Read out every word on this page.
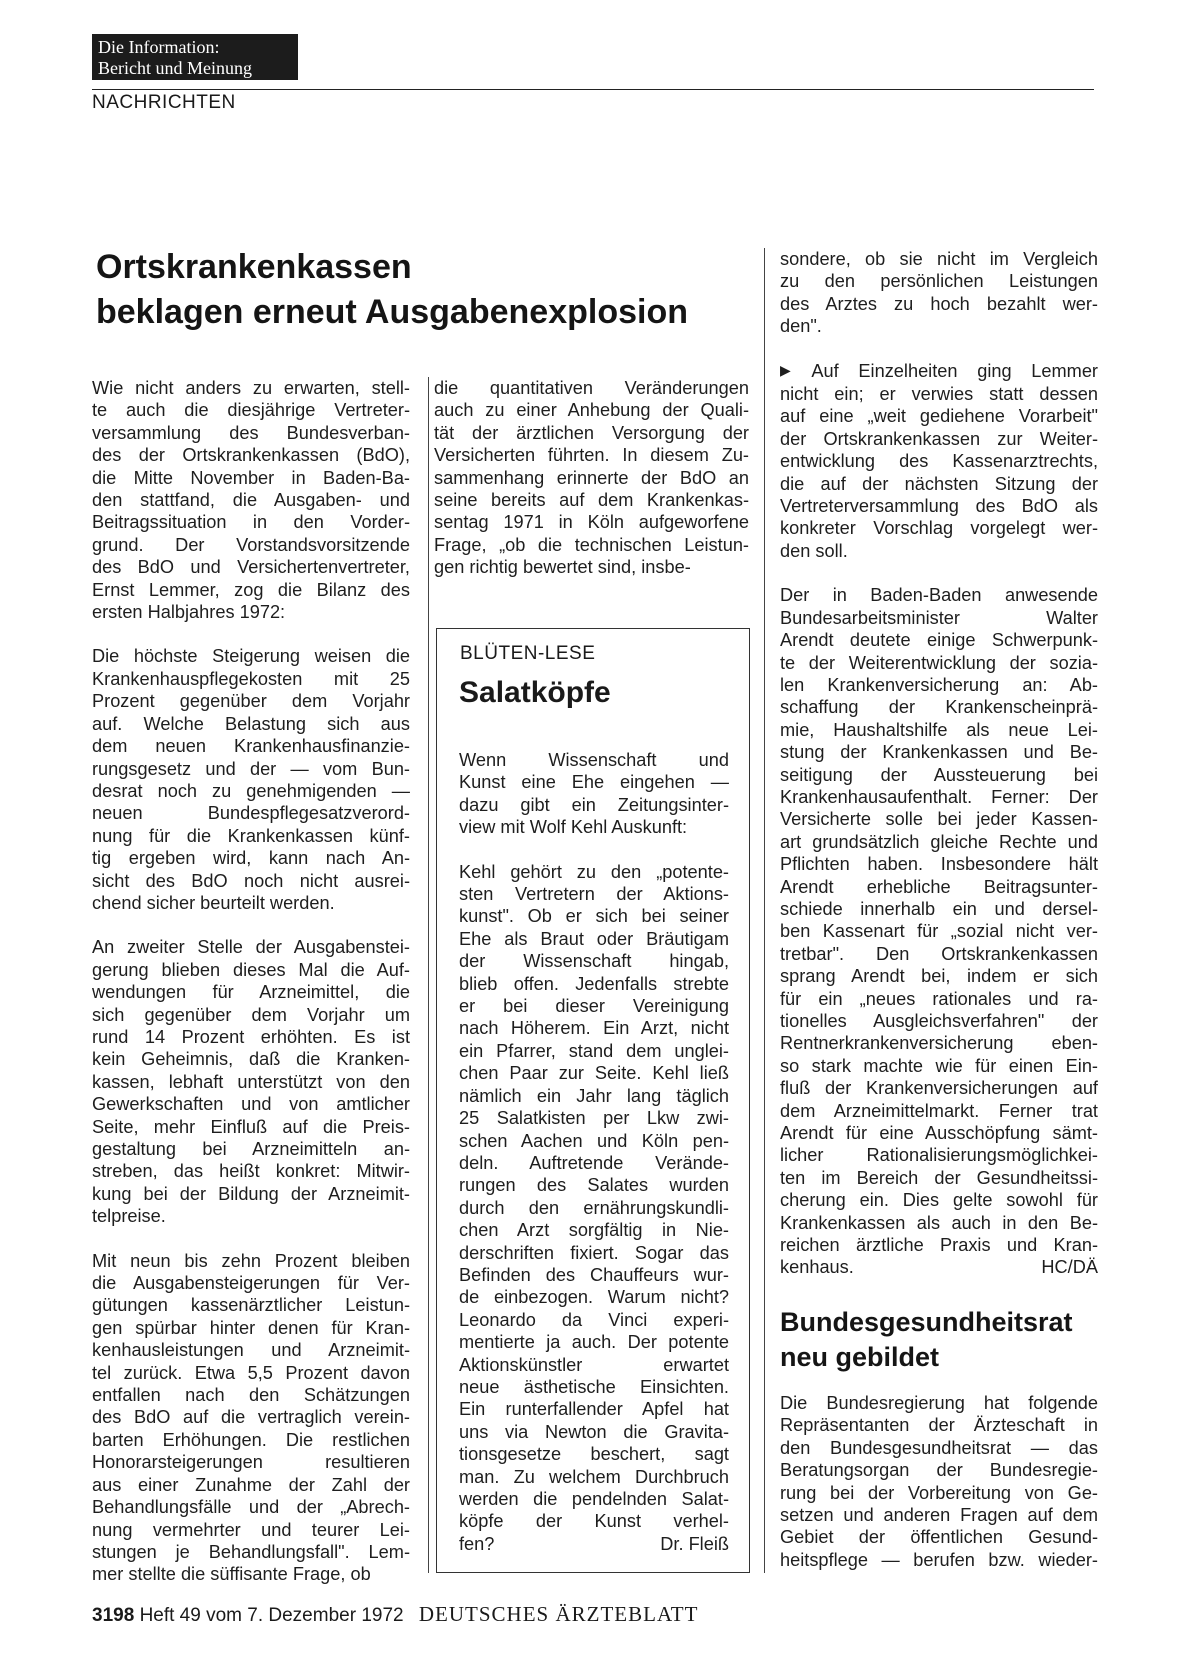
Die Information:
Bericht und Meinung
NACHRICHTEN
Ortskrankenkassen
beklagen erneut Ausgabenexplosion

Wie nicht anders zu erwarten, stell-
te auch die diesjährige Vertreter-
versammlung des Bundesverban-
des der Ortskrankenkassen (BdO),
die Mitte November in Baden-Ba-
den stattfand, die Ausgaben- und
Beitragssituation in den Vorder-
grund. Der Vorstandsvorsitzende
des BdO und Versichertenvertreter,
Ernst Lemmer, zog die Bilanz des
ersten Halbjahres 1972:

Die höchste Steigerung weisen die
Krankenhauspflegekosten mit 25
Prozent gegenüber dem Vorjahr
auf. Welche Belastung sich aus
dem neuen Krankenhausfinanzie-
rungsgesetz und der — vom Bun-
desrat noch zu genehmigenden —
neuen Bundespflegesatzverord-
nung für die Krankenkassen künf-
tig ergeben wird, kann nach An-
sicht des BdO noch nicht ausrei-
chend sicher beurteilt werden.

An zweiter Stelle der Ausgabenstei-
gerung blieben dieses Mal die Auf-
wendungen für Arzneimittel, die
sich gegenüber dem Vorjahr um
rund 14 Prozent erhöhten. Es ist
kein Geheimnis, daß die Kranken-
kassen, lebhaft unterstützt von den
Gewerkschaften und von amtlicher
Seite, mehr Einfluß auf die Preis-
gestaltung bei Arzneimitteln an-
streben, das heißt konkret: Mitwir-
kung bei der Bildung der Arzneimit-
telpreise.

Mit neun bis zehn Prozent bleiben
die Ausgabensteigerungen für Ver-
gütungen kassenärztlicher Leistun-
gen spürbar hinter denen für Kran-
kenhausleistungen und Arzneimit-
tel zurück. Etwa 5,5 Prozent davon
entfallen nach den Schätzungen
des BdO auf die vertraglich verein-
barten Erhöhungen. Die restlichen
Honorarsteigerungen resultieren
aus einer Zunahme der Zahl der
Behandlungsfälle und der „Abrech-
nung vermehrter und teurer Lei-
stungen je Behandlungsfall". Lem-
mer stellte die süffisante Frage, ob

die quantitativen Veränderungen
auch zu einer Anhebung der Quali-
tät der ärztlichen Versorgung der
Versicherten führten. In diesem Zu-
sammenhang erinnerte der BdO an
seine bereits auf dem Krankenkas-
sentag 1971 in Köln aufgeworfene
Frage, „ob die technischen Leistun-
gen richtig bewertet sind, insbe-

BLÜTEN-LESE
Salatköpfe

Wenn Wissenschaft und
Kunst eine Ehe eingehen —
dazu gibt ein Zeitungsinter-
view mit Wolf Kehl Auskunft:

Kehl gehört zu den „potente-
sten Vertretern der Aktions-
kunst". Ob er sich bei seiner
Ehe als Braut oder Bräutigam
der Wissenschaft hingab,
blieb offen. Jedenfalls strebte
er bei dieser Vereinigung
nach Höherem. Ein Arzt, nicht
ein Pfarrer, stand dem unglei-
chen Paar zur Seite. Kehl ließ
nämlich ein Jahr lang täglich
25 Salatkisten per Lkw zwi-
schen Aachen und Köln pen-
deln. Auftretende Verände-
rungen des Salates wurden
durch den ernährungskundli-
chen Arzt sorgfältig in Nie-
derschriften fixiert. Sogar das
Befinden des Chauffeurs wur-
de einbezogen. Warum nicht?
Leonardo da Vinci experi-
mentierte ja auch. Der potente
Aktionskünstler erwartet
neue ästhetische Einsichten.
Ein runterfallender Apfel hat
uns via Newton die Gravita-
tionsgesetze beschert, sagt
man. Zu welchem Durchbruch
werden die pendelnden Salat-
köpfe der Kunst verhel-
fen?	Dr. Fleiß

sondere, ob sie nicht im Vergleich
zu den persönlichen Leistungen
des Arztes zu hoch bezahlt wer-
den".

▶ Auf Einzelheiten ging Lemmer
nicht ein; er verwies statt dessen
auf eine „weit gediehene Vorarbeit"
der Ortskrankenkassen zur Weiter-
entwicklung des Kassenarztrechts,
die auf der nächsten Sitzung der
Vertreterversammlung des BdO als
konkreter Vorschlag vorgelegt wer-
den soll.

Der in Baden-Baden anwesende
Bundesarbeitsminister Walter
Arendt deutete einige Schwerpunk-
te der Weiterentwicklung der sozia-
len Krankenversicherung an: Ab-
schaffung der Krankenscheinprä-
mie, Haushaltshilfe als neue Lei-
stung der Krankenkassen und Be-
seitigung der Aussteuerung bei
Krankenhausaufenthalt. Ferner: Der
Versicherte solle bei jeder Kassen-
art grundsätzlich gleiche Rechte und
Pflichten haben. Insbesondere hält
Arendt erhebliche Beitragsunter-
schiede innerhalb ein und dersel-
ben Kassenart für „sozial nicht ver-
tretbar". Den Ortskrankenkassen
sprang Arendt bei, indem er sich
für ein „neues rationales und ra-
tionelles Ausgleichsverfahren" der
Rentnerkrankenversicherung eben-
so stark machte wie für einen Ein-
fluß der Krankenversicherungen auf
dem Arzneimittelmarkt. Ferner trat
Arendt für eine Ausschöpfung sämt-
licher Rationalisierungsmöglichkei-
ten im Bereich der Gesundheitssi-
cherung ein. Dies gelte sowohl für
Krankenkassen als auch in den Be-
reichen ärztliche Praxis und Kran-
kenhaus.	HC/DÄ

Bundesgesundheitsrat
neu gebildet

Die Bundesregierung hat folgende
Repräsentanten der Ärzteschaft in
den Bundesgesundheitsrat — das
Beratungsorgan der Bundesregie-
rung bei der Vorbereitung von Ge-
setzen und anderen Fragen auf dem
Gebiet der öffentlichen Gesund-
heitspflege — berufen bzw. wieder-

3198 Heft 49 vom 7. Dezember 1972 DEUTSCHES ÄRZTEBLATT
